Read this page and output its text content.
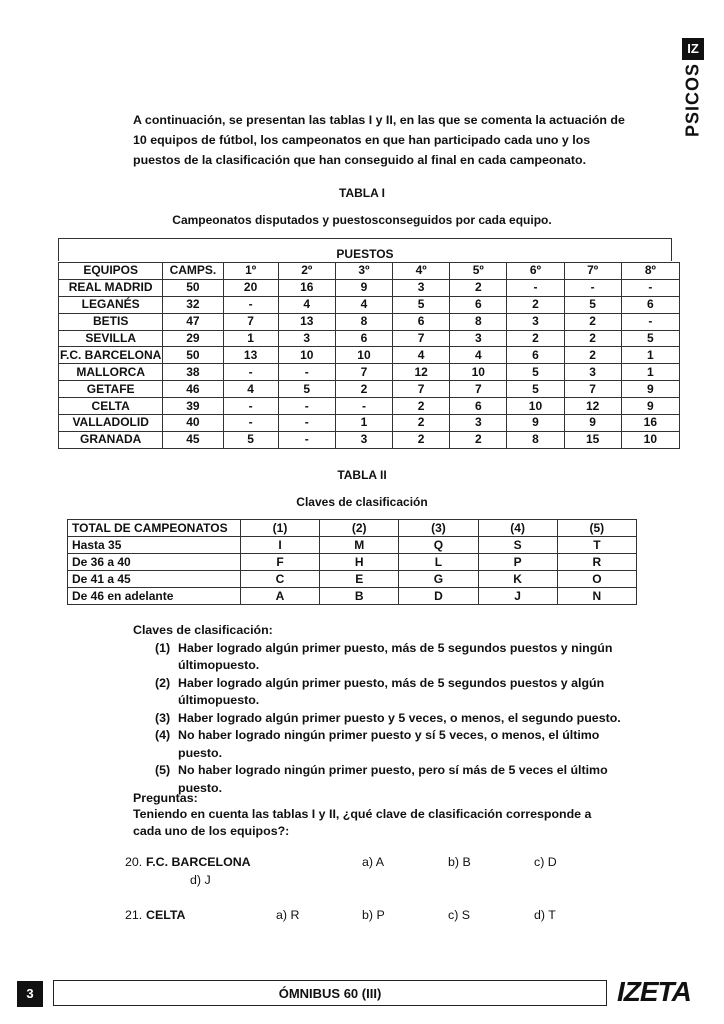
IZ
PSICOS
A continuación, se presentan las tablas I y II, en las que se comenta la actuación de 10 equipos de fútbol, los campeonatos en que han participado cada uno y los puestos de la clasificación que han conseguido al final en cada campeonato.
TABLA I
Campeonatos disputados y puestosconseguidos por cada equipo.
PUESTOS
EQUIPOS	CAMPS.	1º	2º	3º	4º	5º	6º	7º	8º
REAL MADRID	50	20	16	9	3	2	-	-	-
LEGANÉS	32	-	4	4	5	6	2	5	6
BETIS	47	7	13	8	6	8	3	2	-
SEVILLA	29	1	3	6	7	3	2	2	5
F.C. BARCELONA	50	13	10	10	4	4	6	2	1
MALLORCA	38	-	-	7	12	10	5	3	1
GETAFE	46	4	5	2	7	7	5	7	9
CELTA	39	-	-	-	2	6	10	12	9
VALLADOLID	40	-	-	1	2	3	9	9	16
GRANADA	45	5	-	3	2	2	8	15	10
TABLA II
Claves de clasificación
TOTAL DE CAMPEONATOS	(1)	(2)	(3)	(4)	(5)
Hasta 35	I	M	Q	S	T
De 36 a 40	F	H	L	P	R
De 41 a 45	C	E	G	K	O
De 46 en adelante	A	B	D	J	N
Claves de clasificación:
(1) Haber logrado algún primer puesto, más de 5 segundos puestos y ningún últimopuesto.
(2) Haber logrado algún primer puesto, más de 5 segundos puestos y algún últimopuesto.
(3) Haber logrado algún primer puesto y 5 veces, o menos, el segundo puesto.
(4) No haber logrado ningún primer puesto y sí 5 veces, o menos, el último puesto.
(5) No haber logrado ningún primer puesto, pero sí más de 5 veces el último puesto.
Preguntas:
Teniendo en cuenta las tablas I y II, ¿qué clave de clasificación corresponde a cada uno de los equipos?:
20. F.C. BARCELONA	a) A	b) B	c) D
d) J
21. CELTA	a) R	b) P	c) S	d) T
3	ÓMNIBUS 60 (III)	IZETA
